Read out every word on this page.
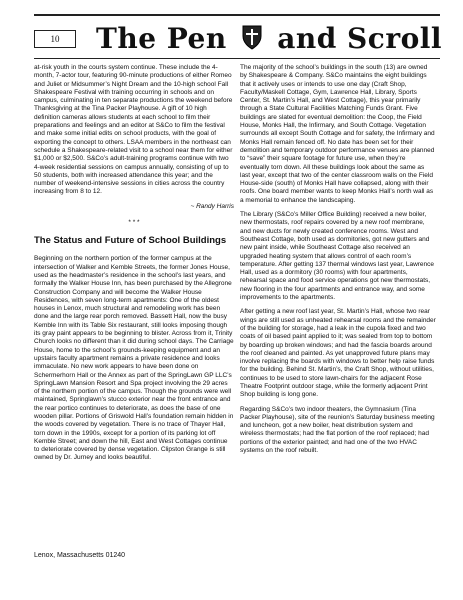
10	The Pen and Scroll

at-risk youth in the courts system continue. These include the 4-month, 7-actor tour, featuring 90-minute productions of either Romeo and Juliet or Midsummer’s Night Dream and the 10-high school Fall Shakespeare Festival with training occurring in schools and on campus, culminating in ten separate productions the weekend before Thanksgiving at the Tina Packer Playhouse. A gift of 10 high definition cameras allows students at each school to film their preparations and feelings and an editor at S&Co to film the festival and make some initial edits on school products, with the goal of exporting the concept to others. LSAA members in the northeast can schedule a Shakespeare-related visit to a school near them for either $1,000 or $2,500. S&Co’s adult-training programs continue with two 4-week residential sessions on campus annually, consisting of up to 50 students, both with increased attendance this year; and the number of weekend-intensive sessions in cities across the country increasing from 8 to 12.

~ Randy Harris

* * *
The Status and Future of School Buildings

Beginning on the northern portion of the former campus at the intersection of Walker and Kemble Streets, the former Jones House, used as the headmaster’s residence in the school’s last years, and formally the Walker House Inn, has been purchased by the Allegrone Construction Company and will become the Walker House Residences, with seven long-term apartments: One of the oldest houses in Lenox, much structural and remodeling work has been done and the large rear porch removed. Bassett Hall, now the busy Kemble Inn with its Table Six restaurant, still looks imposing though its gray paint appears to be beginning to blister. Across from it, Trinity Church looks no different than it did during school days. The Carriage House, home to the school’s grounds-keeping equipment and an upstairs faculty apartment remains a private residence and looks immaculate. No new work appears to have been done on Schermerhorn Hall or the Annex as part of the SpringLawn GP LLC’s SpringLawn Mansion Resort and Spa project involving the 29 acres of the northern portion of the campus. Though the grounds were well maintained, Springlawn’s stucco exterior near the front entrance and the rear portico continues to deteriorate, as does the base of one wooden pillar. Portions of Griswold Hall’s foundation remain hidden in the woods covered by vegetation. There is no trace of Thayer Hall, torn down in the 1990s, except for a portion of its parking lot off Kemble Street; and down the hill, East and West Cottages continue to deteriorate covered by dense vegetation. Clipston Grange is still owned by Dr. Jurney and looks beautiful.

The majority of the school’s buildings in the south (13) are owned by Shakespeare & Company. S&Co maintains the eight buildings that it actively uses or intends to use one day (Craft Shop, Faculty/Maskell Cottage, Gym, Lawrence Hall, Library, Sports Center, St. Martin’s Hall, and West Cottage), this year primarily through a State Cultural Facilities Matching Funds Grant. Five buildings are slated for eventual demolition: the Coop, the Field House, Monks Hall, the Infirmary, and South Cottage. Vegetation surrounds all except South Cottage and for safety, the Infirmary and Monks Hall remain fenced off. No date has been set for their demolition and temporary outdoor performance venues are planned to “save” their square footage for future use, when they’re eventually torn down. All these buildings look about the same as last year, except that two of the center classroom walls on the Field House-side (south) of Monks Hall have collapsed, along with their roofs. One board member wants to keep Monks Hall’s north wall as a memorial to enhance the landscaping.

The Library (S&Co’s Miller Office Building) received a new boiler, new thermostats, roof repairs covered by a new roof membrane, and new ducts for newly created conference rooms. West and Southeast Cottage, both used as dormitories, got new gutters and new paint inside, while Southeast Cottage also received an upgraded heating system that allows control of each room’s temperature. After getting 137 thermal windows last year, Lawrence Hall, used as a dormitory (30 rooms) with four apartments, rehearsal space and food service operations got new thermostats, new flooring in the four apartments and entrance way, and some improvements to the apartments.

After getting a new roof last year, St. Martin’s Hall, whose two rear wings are still used as unheated rehearsal rooms and the remainder of the building for storage, had a leak in the cupola fixed and two coats of oil based paint applied to it; was sealed from top to bottom by boarding up broken windows; and had the fascia boards around the roof cleaned and painted. As yet unapproved future plans may involve replacing the boards with windows to better help raise funds for the building. Behind St. Martin’s, the Craft Shop, without utilities, continues to be used to store lawn-chairs for the adjacent Rose Theatre Footprint outdoor stage, while the formerly adjacent Print Shop building is long gone.

Regarding S&Co’s two indoor theaters, the Gymnasium (Tina Packer Playhouse), site of the reunion’s Saturday business meeting and luncheon, got a new boiler, heat distribution system and wireless thermostats; had the flat portion of the roof replaced; had portions of the exterior painted; and had one of the two HVAC systems on the roof rebuilt.

Lenox, Massachusetts 01240
